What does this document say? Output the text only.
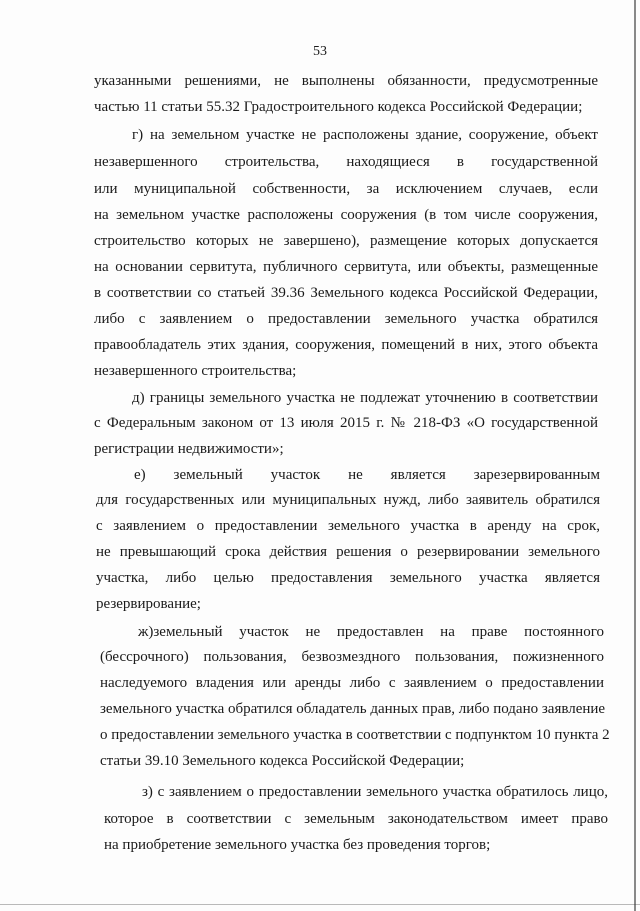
53
указанными решениями, не выполнены обязанности, предусмотренные
частью 11 статьи 55.32 Градостроительного кодекса Российской Федерации;
г) на земельном участке не расположены здание, сооружение, объект
незавершенного строительства, находящиеся в государственной
или муниципальной собственности, за исключением случаев, если
на земельном участке расположены сооружения (в том числе сооружения,
строительство которых не завершено), размещение которых допускается
на основании сервитута, публичного сервитута, или объекты, размещенные
в соответствии со статьей 39.36 Земельного кодекса Российской Федерации,
либо с заявлением о предоставлении земельного участка обратился
правообладатель этих здания, сооружения, помещений в них, этого объекта
незавершенного строительства;
д) границы земельного участка не подлежат уточнению в соответствии
с Федеральным законом от 13 июля 2015 г. № 218-ФЗ «О государственной
регистрации недвижимости»;
е) земельный участок не является зарезервированным
для государственных или муниципальных нужд, либо заявитель обратился
с заявлением о предоставлении земельного участка в аренду на срок,
не превышающий срока действия решения о резервировании земельного
участка, либо целью предоставления земельного участка является
резервирование;
ж)земельный участок не предоставлен на праве постоянного
(бессрочного) пользования, безвозмездного пользования, пожизненного
наследуемого владения или аренды либо с заявлением о предоставлении
земельного участка обратился обладатель данных прав, либо подано заявление
о предоставлении земельного участка в соответствии с подпунктом 10 пункта 2
статьи 39.10 Земельного кодекса Российской Федерации;
з) с заявлением о предоставлении земельного участка обратилось лицо,
которое в соответствии с земельным законодательством имеет право
на приобретение земельного участка без проведения торгов;
